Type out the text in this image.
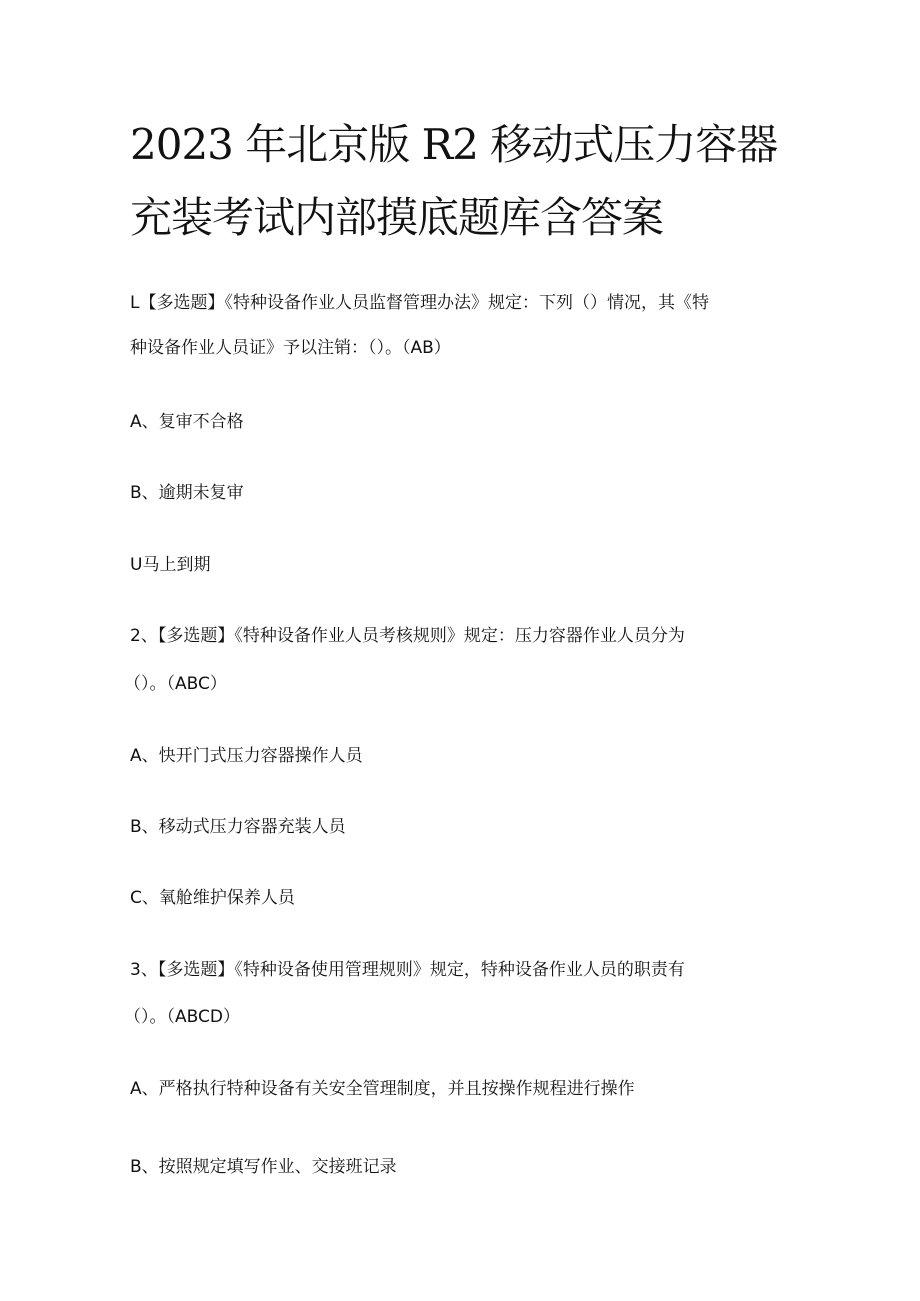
2023 年北京版 R2 移动式压力容器
充装考试内部摸底题库含答案
L【多选题】《特种设备作业人员监督管理办法》规定：下列（）情况，其《特
种设备作业人员证》予以注销：（）。（AB）
A、复审不合格
B、逾期未复审
U马上到期
2、【多选题】《特种设备作业人员考核规则》规定：压力容器作业人员分为
（）。（ABC）
A、快开门式压力容器操作人员
B、移动式压力容器充装人员
C、氧舱维护保养人员
3、【多选题】《特种设备使用管理规则》规定，特种设备作业人员的职责有
（）。（ABCD）
A、严格执行特种设备有关安全管理制度，并且按操作规程进行操作
B、按照规定填写作业、交接班记录
